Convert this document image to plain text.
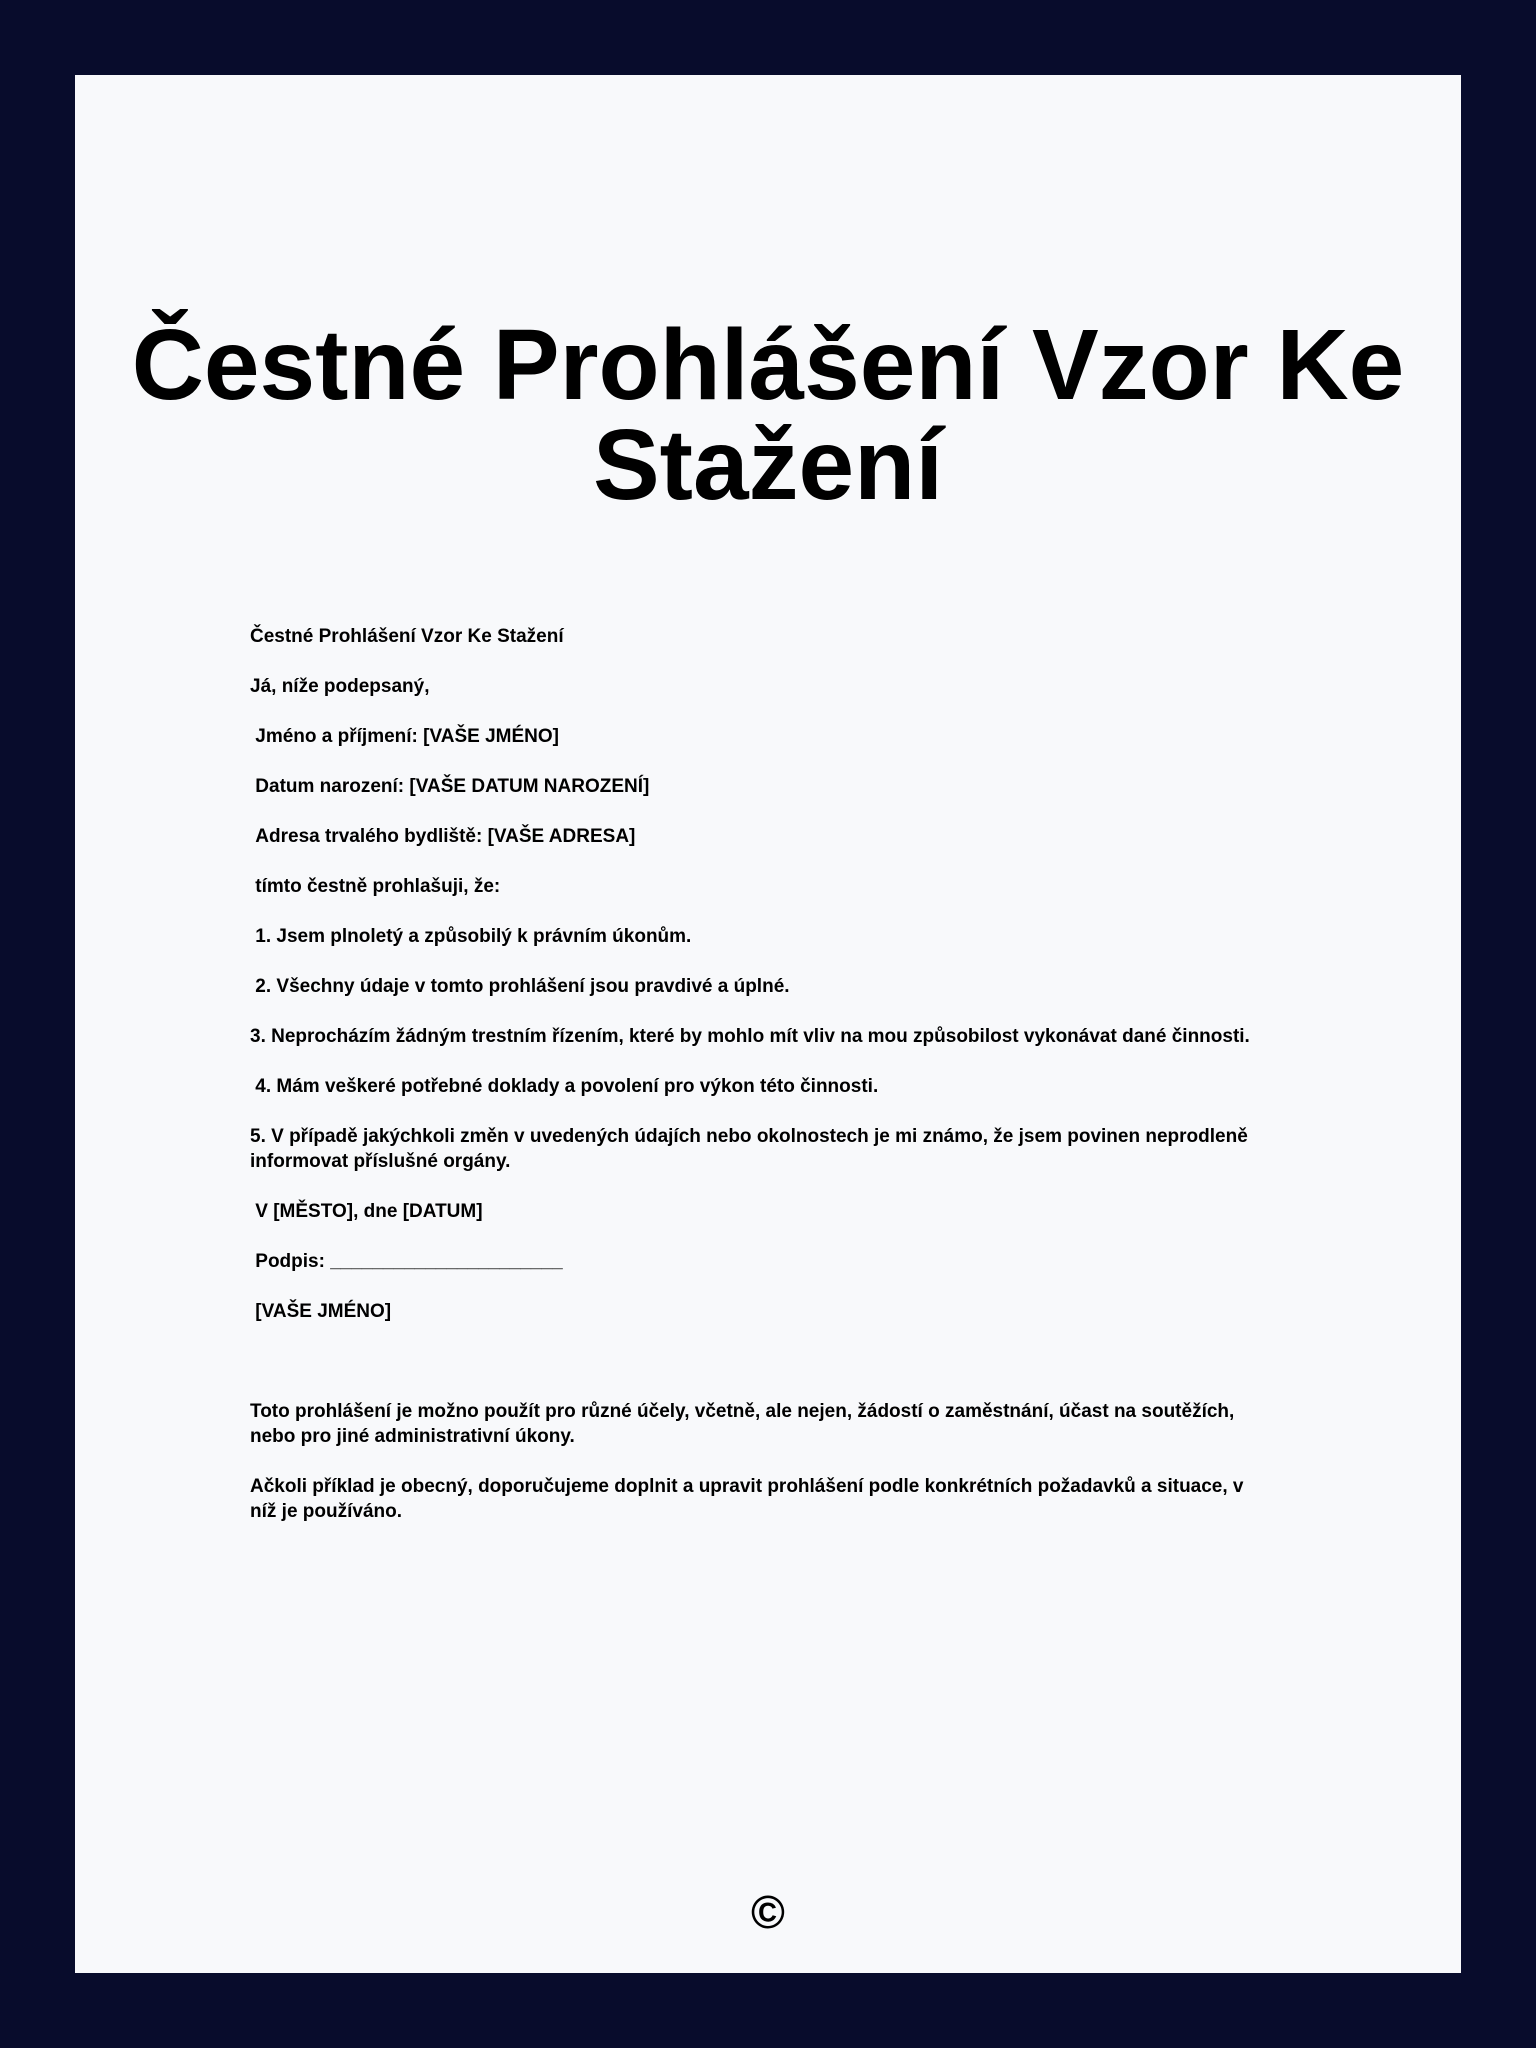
Čestné Prohlášení Vzor Ke
Stažení

Čestné Prohlášení Vzor Ke Stažení

Já, níže podepsaný,

Jméno a příjmení: [VAŠE JMÉNO]

Datum narození: [VAŠE DATUM NAROZENÍ]

Adresa trvalého bydliště: [VAŠE ADRESA]

tímto čestně prohlašuji, že:

1. Jsem plnoletý a způsobilý k právním úkonům.

2. Všechny údaje v tomto prohlášení jsou pravdivé a úplné.

3. Neprocházím žádným trestním řízením, které by mohlo mít vliv na mou způsobilost vykonávat dané činnosti.

4. Mám veškeré potřebné doklady a povolení pro výkon této činnosti.

5. V případě jakýchkoli změn v uvedených údajích nebo okolnostech je mi známo, že jsem povinen neprodleně informovat příslušné orgány.

V [MĚSTO], dne [DATUM]

Podpis: ______________________

[VAŠE JMÉNO]

Toto prohlášení je možno použít pro různé účely, včetně, ale nejen, žádostí o zaměstnání, účast na soutěžích, nebo pro jiné administrativní úkony.

Ačkoli příklad je obecný, doporučujeme doplnit a upravit prohlášení podle konkrétních požadavků a situace, v níž je používáno.

©
